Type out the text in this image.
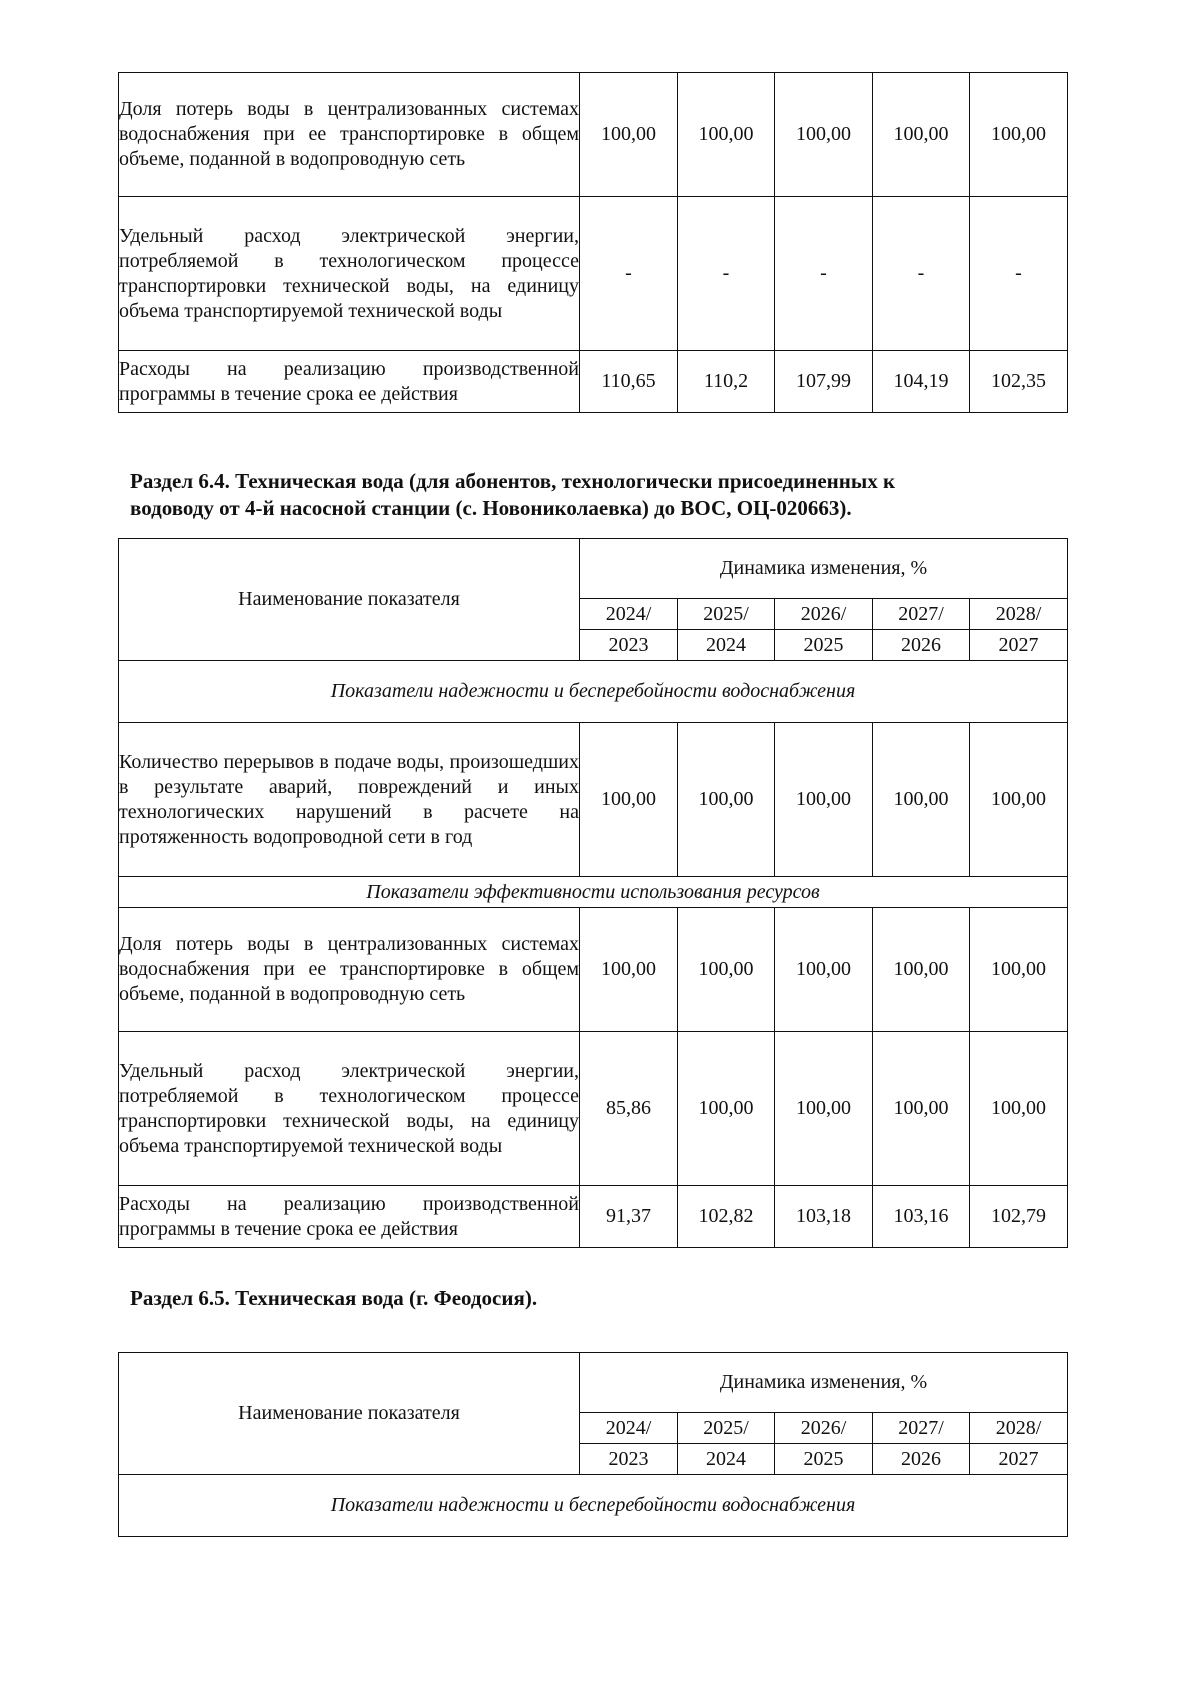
Доля потерь воды в централизованных системах водоснабжения при ее транспортировке в общем объеме, поданной в водопроводную сеть	100,00	100,00	100,00	100,00	100,00
Удельный расход электрической энергии, потребляемой в технологическом процессе транспортировки технической воды, на единицу объема транспортируемой технической воды	-	-	-	-	-
Расходы на реализацию производственной программы в течение срока ее действия	110,65	110,2	107,99	104,19	102,35
Раздел 6.4. Техническая вода (для абонентов, технологически присоединенных к
водоводу от 4-й насосной станции (с. Новониколаевка) до ВОС, ОЦ-020663).
Наименование показателя	Динамика изменения, %				
	2024/	2025/	2026/	2027/	2028/
	2023	2024	2025	2026	2027
Показатели надежности и бесперебойности водоснабжения					
Количество перерывов в подаче воды, произошедших в результате аварий, повреждений и иных технологических нарушений в расчете на протяженность водопроводной сети в год	100,00	100,00	100,00	100,00	100,00
Показатели эффективности использования ресурсов					
Доля потерь воды в централизованных системах водоснабжения при ее транспортировке в общем объеме, поданной в водопроводную сеть	100,00	100,00	100,00	100,00	100,00
Удельный расход электрической энергии, потребляемой в технологическом процессе транспортировки технической воды, на единицу объема транспортируемой технической воды	85,86	100,00	100,00	100,00	100,00
Расходы на реализацию производственной программы в течение срока ее действия	91,37	102,82	103,18	103,16	102,79
Раздел 6.5. Техническая вода (г. Феодосия).
Наименование показателя	Динамика изменения, %				
	2024/	2025/	2026/	2027/	2028/
	2023	2024	2025	2026	2027
Показатели надежности и бесперебойности водоснабжения					
